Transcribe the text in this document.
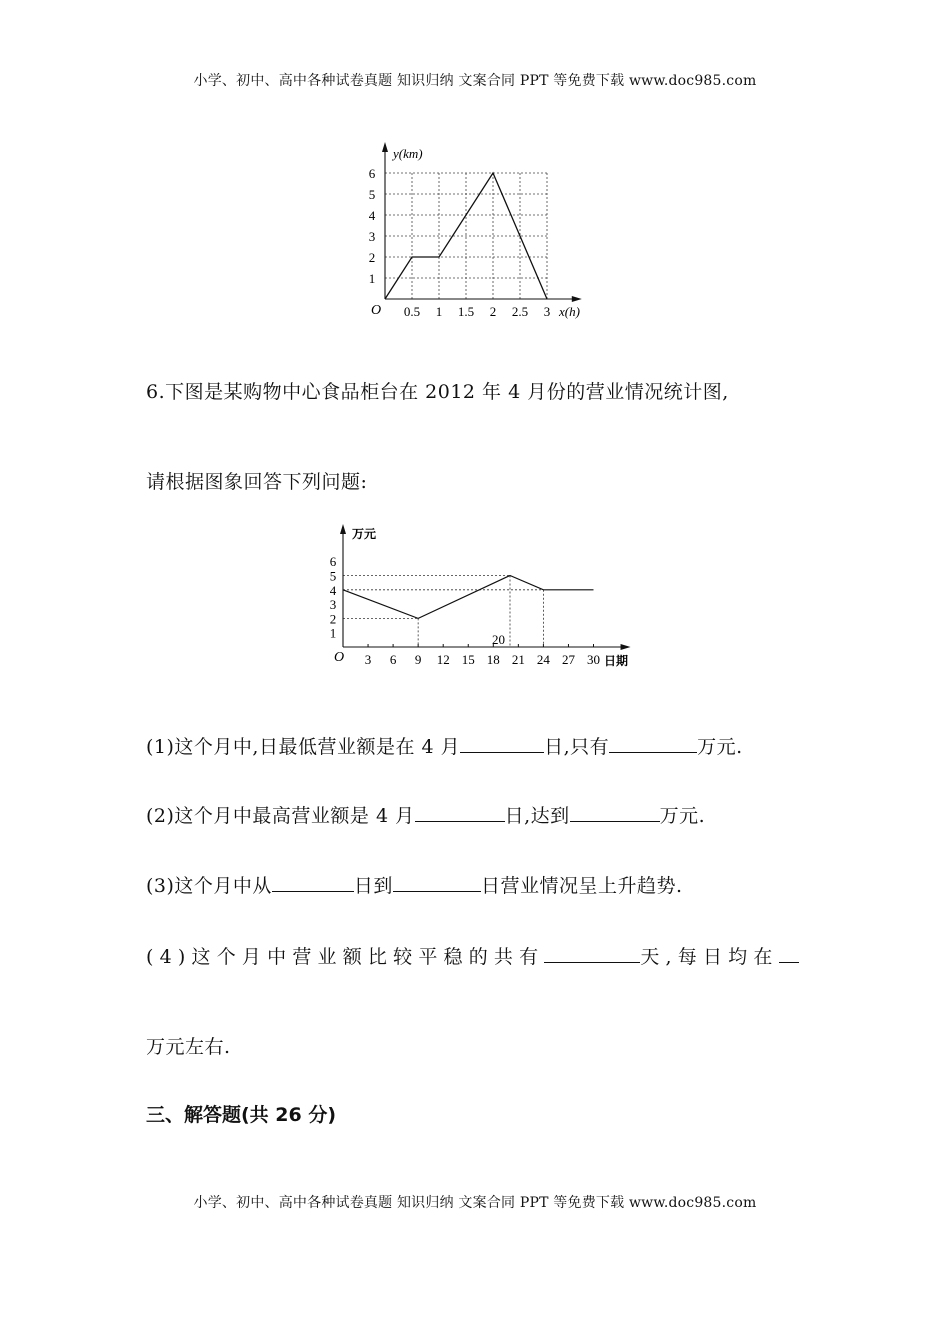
小学、初中、高中各种试卷真题 知识归纳 文案合同 PPT 等免费下载 www.doc985.com
1
2
3
4
5
6
0.5 1 1.5 2 2.5 3
y(km)
x(h)
O
6.下图是某购物中心食品柜台在 2012 年 4 月份的营业情况统计图,
请根据图象回答下列问题:
1
2
3
4
5
6
3 6 9 12 15 18 21 24 27 30
万元
日期
O
20
(1)这个月中,日最低营业额是在 4 月	日,只有	万元.
(2)这个月中最高营业额是 4 月	日,达到	万元.
(3)这个月中从	日到	日营业情况呈上升趋势.
(4)这个月中营业额比较平稳的共有	天,每日均在
万元左右.
三、解答题(共 26 分)
小学、初中、高中各种试卷真题 知识归纳 文案合同 PPT 等免费下载 www.doc985.com
